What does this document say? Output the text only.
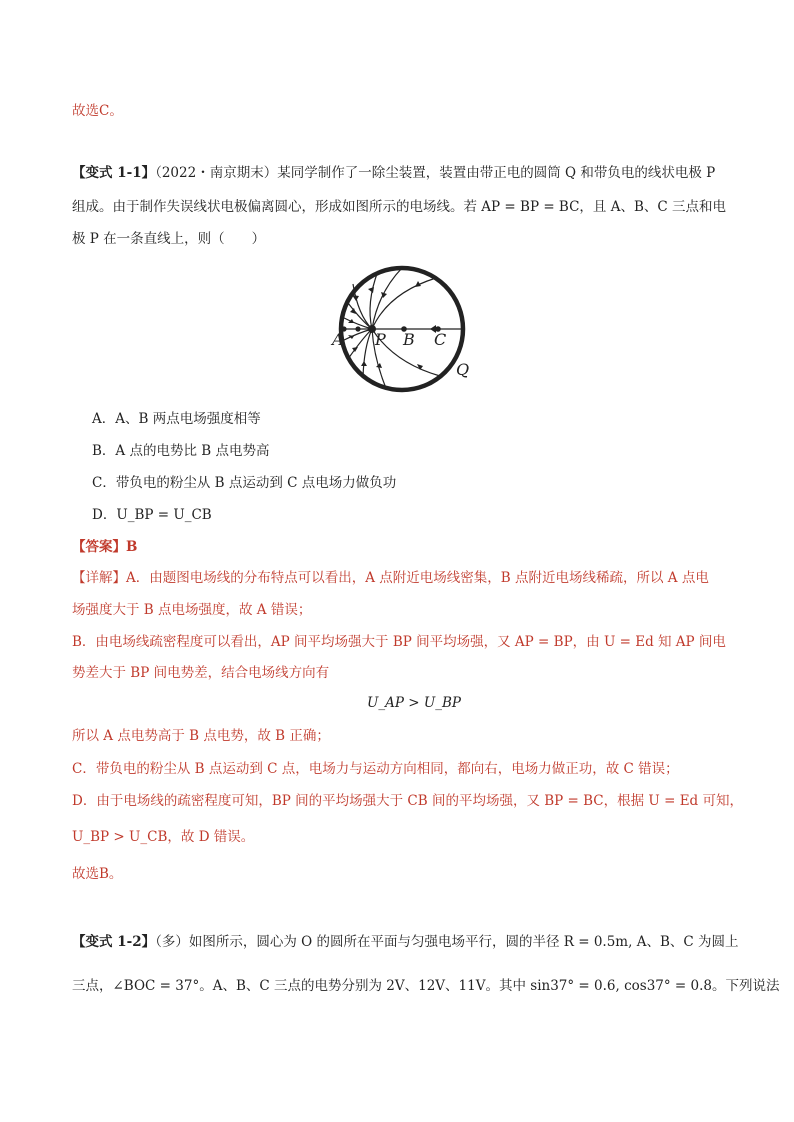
故选C。
【变式 1-1】（2022・南京期末）某同学制作了一除尘装置，装置由带正电的圆筒 Q 和带负电的线状电极 P
组成。由于制作失误线状电极偏离圆心，形成如图所示的电场线。若 AP = BP = BC，且 A、B、C 三点和电
极 P 在一条直线上，则（　　）
A P B C
Q
A．A、B 两点电场强度相等
B．A 点的电势比 B 点电势高
C．带负电的粉尘从 B 点运动到 C 点电场力做负功
D．U_BP = U_CB
【答案】B
【详解】A．由题图电场线的分布特点可以看出，A 点附近电场线密集，B 点附近电场线稀疏，所以 A 点电
场强度大于 B 点电场强度，故 A 错误；
B．由电场线疏密程度可以看出，AP 间平均场强大于 BP 间平均场强，又 AP = BP，由 U = Ed 知 AP 间电
势差大于 BP 间电势差，结合电场线方向有
U_AP > U_BP
所以 A 点电势高于 B 点电势，故 B 正确；
C．带负电的粉尘从 B 点运动到 C 点，电场力与运动方向相同，都向右，电场力做正功，故 C 错误；
D．由于电场线的疏密程度可知，BP 间的平均场强大于 CB 间的平均场强，又 BP = BC，根据 U = Ed 可知，
U_BP > U_CB，故 D 错误。
故选B。
【变式 1-2】（多）如图所示，圆心为 O 的圆所在平面与匀强电场平行，圆的半径 R = 0.5m, A、B、C 为圆上
三点，∠BOC = 37°。A、B、C 三点的电势分别为 2V、12V、11V。其中 sin37° = 0.6, cos37° = 0.8。下列说法
